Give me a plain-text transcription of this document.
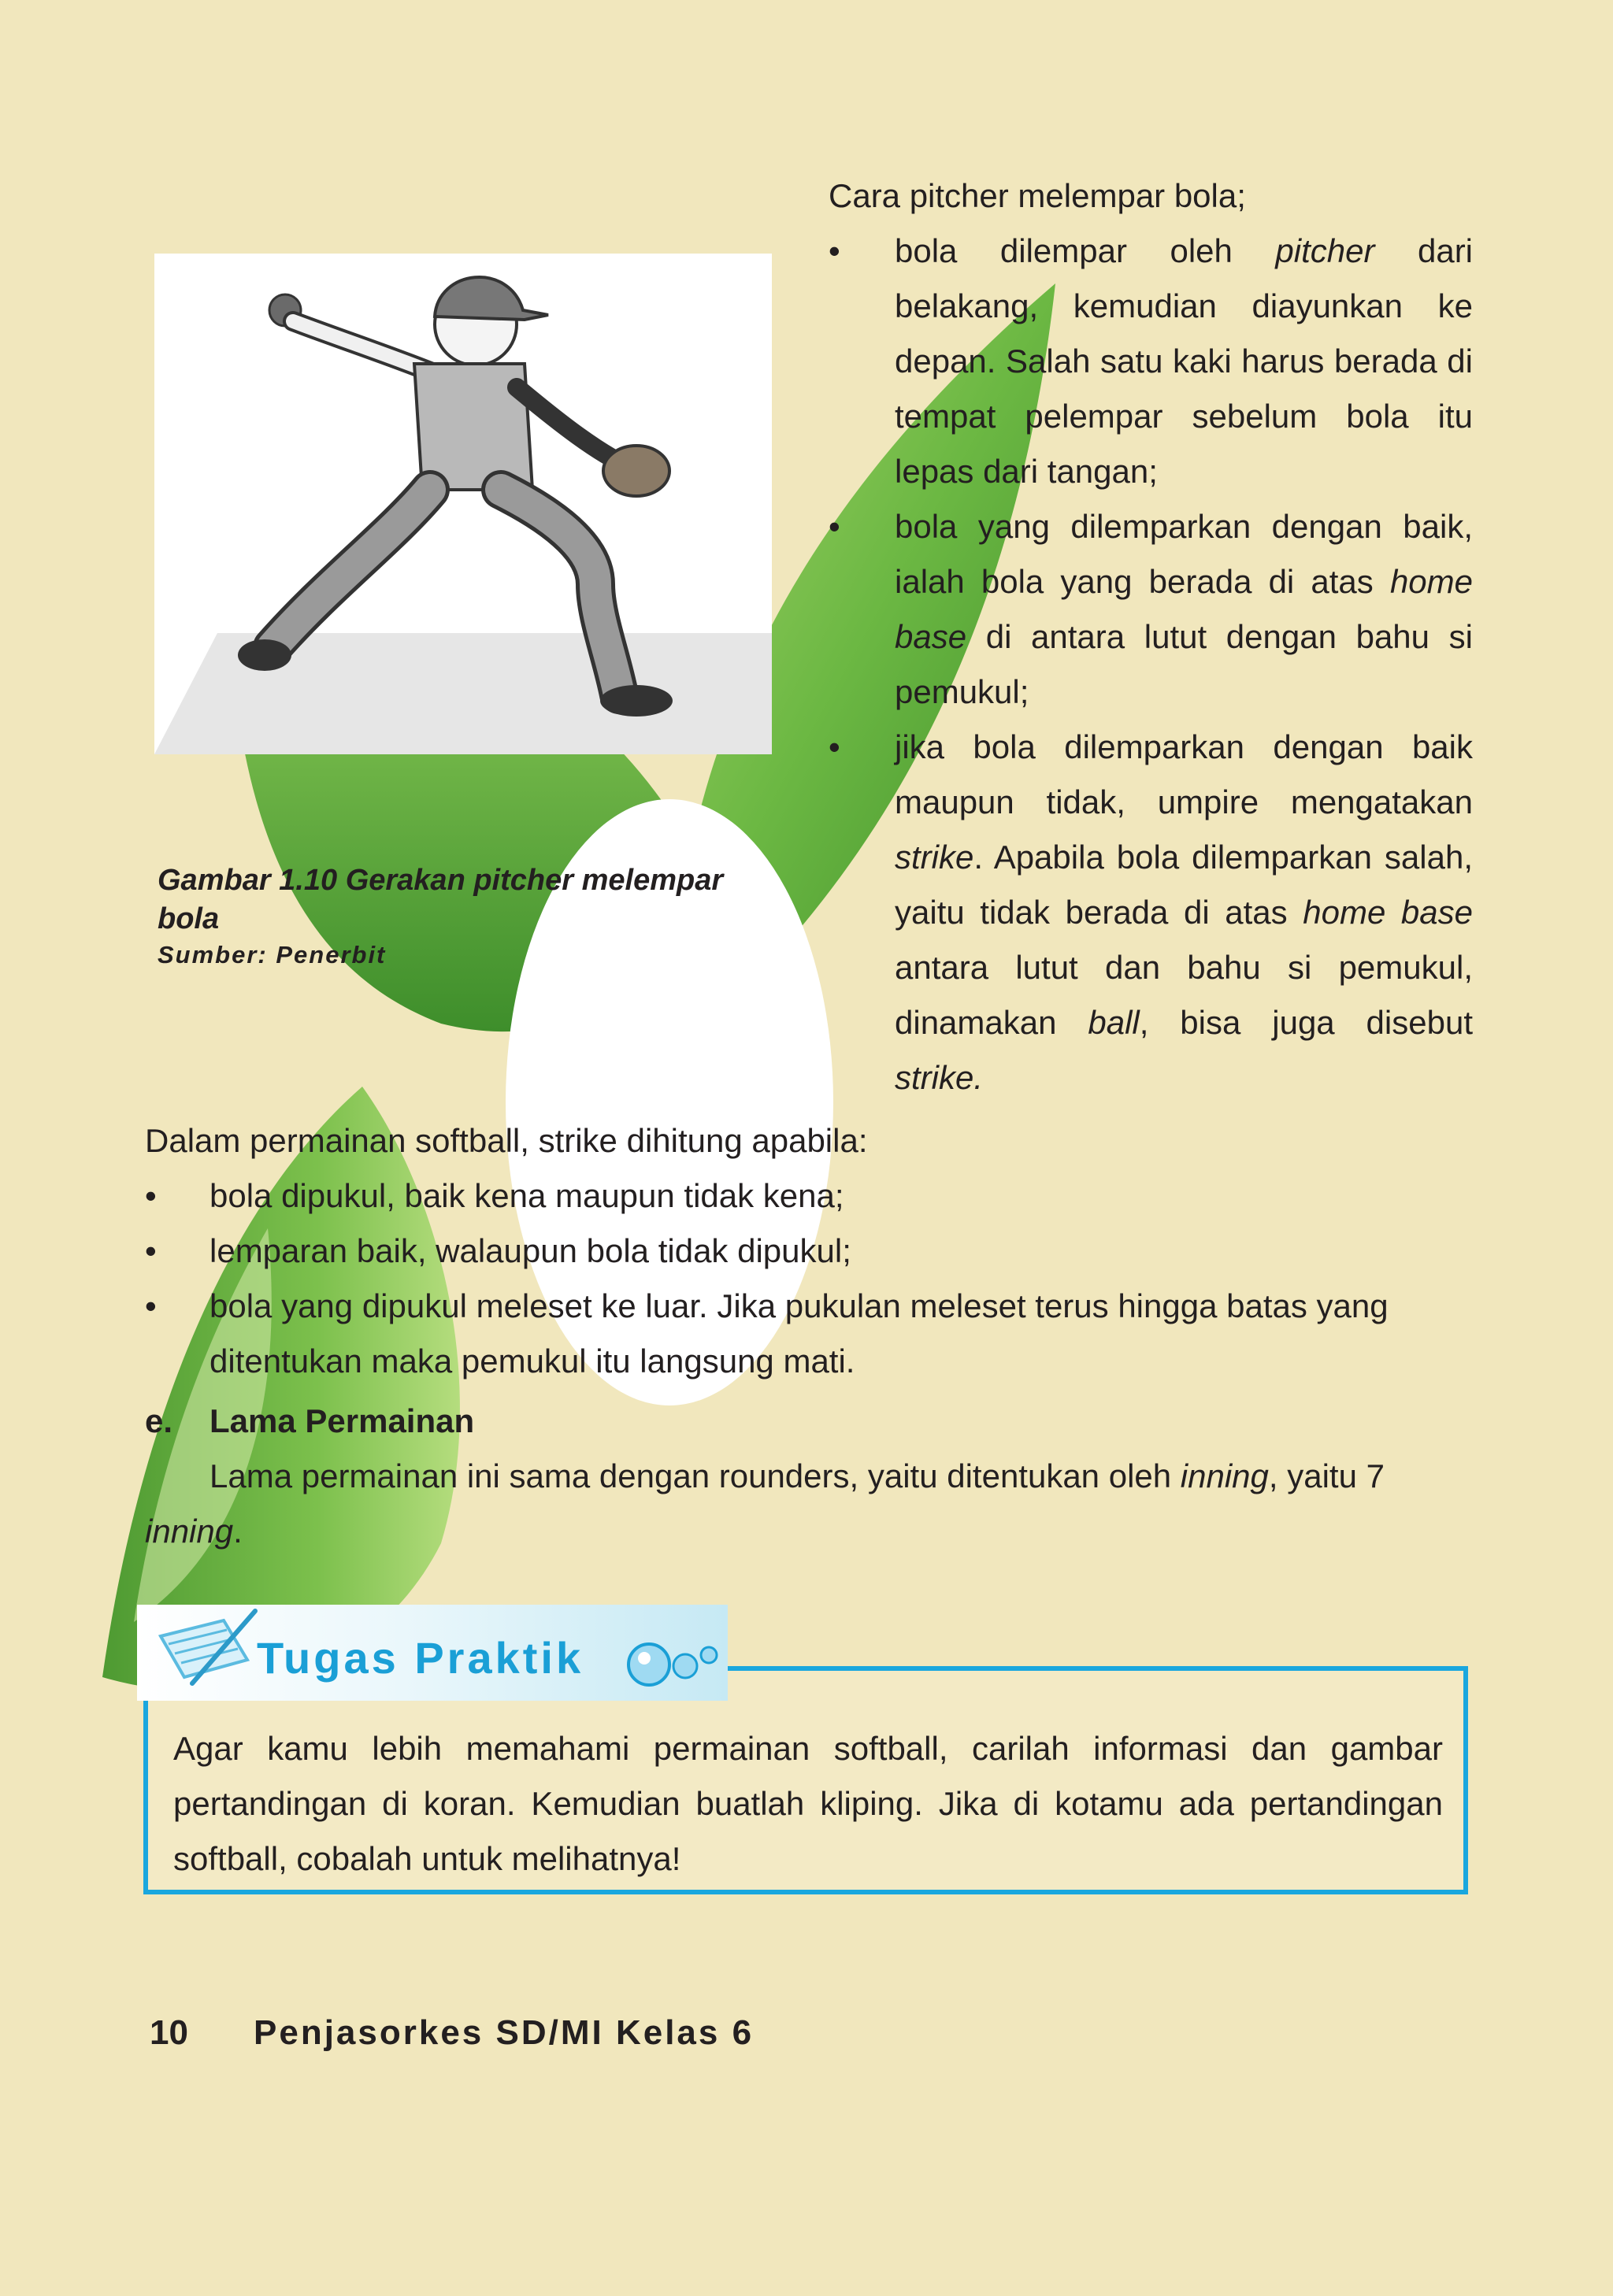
Gambar 1.10 Gerakan pitcher melempar bola
Sumber: Penerbit

Cara pitcher melempar bola;

• bola dilempar oleh pitcher dari belakang, kemudian diayunkan ke depan. Salah satu kaki harus berada di tempat pelempar sebelum bola itu lepas dari tangan;
• bola yang dilemparkan dengan baik, ialah bola yang berada di atas home base di antara lutut dengan bahu si pemukul;
• jika bola dilemparkan dengan baik maupun tidak, umpire mengatakan strike. Apabila bola dilemparkan salah, yaitu tidak berada di atas home base antara lutut dan bahu si pemukul, dinamakan ball, bisa juga disebut strike.

Dalam permainan softball, strike dihitung apabila:

• bola dipukul, baik kena maupun tidak kena;
• lemparan baik, walaupun bola tidak dipukul;
• bola yang dipukul meleset ke luar. Jika pukulan meleset terus hingga batas yang ditentukan maka pemukul itu langsung mati.

e. Lama Permainan

Lama permainan ini sama dengan rounders, yaitu ditentukan oleh inning, yaitu 7 inning.

Tugas Praktik
Agar kamu lebih memahami permainan softball, carilah informasi dan gambar pertandingan di koran. Kemudian buatlah kliping. Jika di kotamu ada pertandingan softball, cobalah untuk melihatnya!
10 Penjasorkes SD/MI Kelas 6
